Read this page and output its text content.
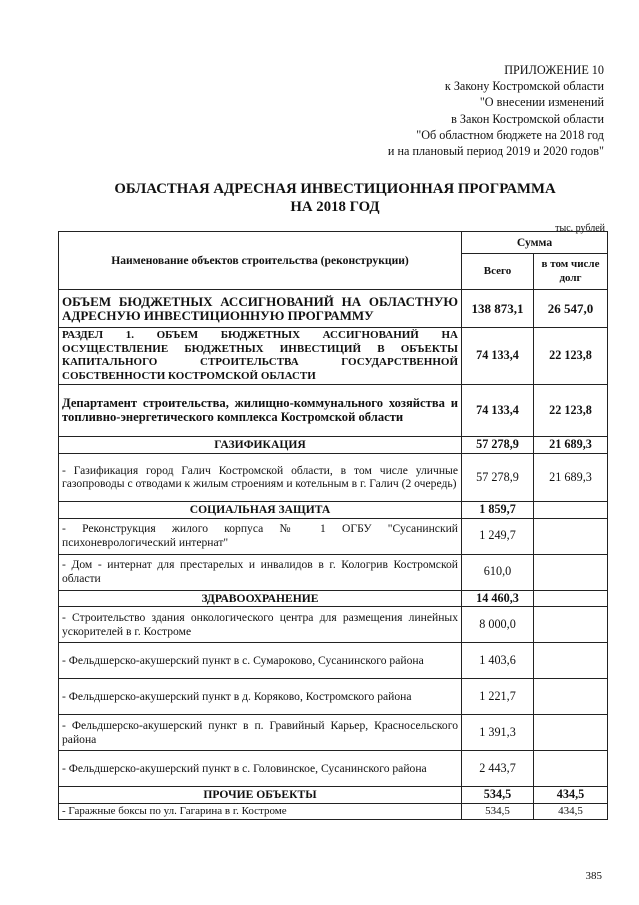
ПРИЛОЖЕНИЕ 10
к Закону Костромской области
"О внесении изменений
в Закон Костромской области
"Об областном бюджете на 2018 год
и на плановый период 2019 и 2020 годов"
ОБЛАСТНАЯ АДРЕСНАЯ ИНВЕСТИЦИОННАЯ ПРОГРАММА
НА 2018 ГОД
тыс. рублей
Наименование объектов строительства (реконструкции)	Сумма	
	Всего	в том числе долг
ОБЪЕМ БЮДЖЕТНЫХ АССИГНОВАНИЙ НА ОБЛАСТНУЮ АДРЕСНУЮ ИНВЕСТИЦИОННУЮ ПРОГРАММУ	138 873,1	26 547,0
РАЗДЕЛ 1. ОБЪЕМ БЮДЖЕТНЫХ АССИГНОВАНИЙ НА ОСУЩЕСТВЛЕНИЕ БЮДЖЕТНЫХ ИНВЕСТИЦИЙ В ОБЪЕКТЫ КАПИТАЛЬНОГО СТРОИТЕЛЬСТВА ГОСУДАРСТВЕННОЙ СОБСТВЕННОСТИ КОСТРОМСКОЙ ОБЛАСТИ	74 133,4	22 123,8
Департамент строительства, жилищно-коммунального хозяйства и топливно-энергетического комплекса Костромской области	74 133,4	22 123,8
ГАЗИФИКАЦИЯ	57 278,9	21 689,3
- Газификация город Галич Костромской области, в том числе уличные газопроводы с отводами к жилым строениям и котельным в г. Галич (2 очередь)	57 278,9	21 689,3
СОЦИАЛЬНАЯ ЗАЩИТА	1 859,7	
- Реконструкция жилого корпуса № 1 ОГБУ "Сусанинский психоневрологический интернат"	1 249,7	
- Дом - интернат для престарелых и инвалидов в г. Кологрив Костромской области	610,0	
ЗДРАВООХРАНЕНИЕ	14 460,3	
- Строительство здания онкологического центра для размещения линейных ускорителей в г. Костроме	8 000,0	
- Фельдшерско-акушерский пункт в с. Сумароково, Сусанинского района	1 403,6	
- Фельдшерско-акушерский пункт в д. Коряково, Костромского района	1 221,7	
- Фельдшерско-акушерский пункт в п. Гравийный Карьер, Красносельского района	1 391,3	
- Фельдшерско-акушерский пункт в с. Головинское, Сусанинского района	2 443,7	
ПРОЧИЕ ОБЪЕКТЫ	534,5	434,5
- Гаражные боксы по ул. Гагарина в г. Костроме	534,5	434,5
385
